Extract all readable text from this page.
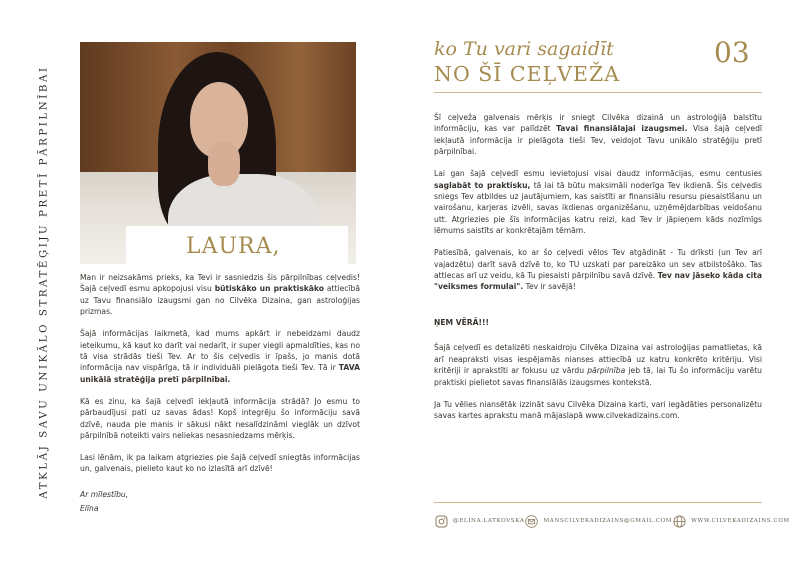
ATKLĀJ SAVU UNIKĀLO STRATĒĢIJU PRETĪ PĀRPILNĪBAI	LAURA,

Man ir neizsakāms prieks, ka Tevi ir sasniedzis šis pārpilnības ceļvedis! Šajā ceļvedī esmu apkopojusi visu būtiskāko un praktiskāko attiecībā uz Tavu finansiālo izaugsmi gan no Cilvēka Dizaina, gan astroloģijas prizmas.

Šajā informācijas laikmetā, kad mums apkārt ir nebeidzami daudz ieteikumu, kā kaut ko darīt vai nedarīt, ir super viegli apmaldīties, kas no tā visa strādās tieši Tev. Ar to šis ceļvedis ir īpašs, jo manis dotā informācija nav vispārīga, tā ir individuāli pielāgota tieši Tev. Tā ir TAVA unikālā stratēģija pretī pārpilnībai.

Kā es zinu, ka šajā ceļvedī iekļautā informācija strādā? Jo esmu to pārbaudījusi pati uz savas ādas! Kopš integrēju šo informāciju savā dzīvē, nauda pie manis ir sākusi nākt nesalīdzināmi vieglāk un dzīvot pārpilnībā noteikti vairs neliekas nesasniedzams mērķis.

Lasi lēnām, ik pa laikam atgriezies pie šajā ceļvedī sniegtās informācijas un, galvenais, pielieto kaut ko no izlasītā arī dzīvē!

Ar mīlestību,

Elīna

ko Tu vari sagaidīt
NO ŠĪ CEĻVEŽA
03

Šī ceļveža galvenais mērķis ir sniegt Cilvēka dizainā un astroloģijā balstītu informāciju, kas var palīdzēt Tavai finansiālajai izaugsmei. Visa šajā ceļvedī iekļautā informācija ir pielāgota tieši Tev, veidojot Tavu unikālo stratēģiju pretī pārpilnībai.

Lai gan šajā ceļvedī esmu ievietojusi visai daudz informācijas, esmu centusies saglabāt to praktisku, tā lai tā būtu maksimāli noderīga Tev ikdienā. Šis ceļvedis sniegs Tev atbildes uz jautājumiem, kas saistīti ar finansiālu resursu piesaistīšanu un vairošanu, karjeras izvēli, savas ikdienas organizēšanu, uzņēmējdarbības veidošanu utt. Atgriezies pie šīs informācijas katru reizi, kad Tev ir jāpieņem kāds nozīmīgs lēmums saistīts ar konkrētajām tēmām.

Patiesībā, galvenais, ko ar šo ceļvedi vēlos Tev atgādināt - Tu drīksti (un Tev arī vajadzētu) darīt savā dzīvē to, ko TU uzskati par pareizāko un sev atbilstošāko. Tas attiecas arī uz veidu, kā Tu piesaisti pārpilnību savā dzīvē. Tev nav jāseko kāda cita "veiksmes formulai". Tev ir savējā!

ŅEM VĒRĀ!!!

Šajā ceļvedī es detalizēti neskaidroju Cilvēka Dizaina vai astroloģijas pamatlietas, kā arī neapraksti visas iespējamās nianses attiecībā uz katru konkrēto kritēriju. Visi kritēriji ir aprakstīti ar fokusu uz vārdu pārpilnība jeb tā, lai Tu šo informāciju varētu praktiski pielietot savas finansiālās izaugsmes kontekstā.

Ja Tu vēlies niansētāk izzināt savu Cilvēka Dizaina karti, vari iegādāties personalizētu savas kartes aprakstu manā mājaslapā www.cilvekadizains.com.

@ELINA.LATKOVSKA	MANSCILVEKADIZAINS@GMAIL.COM	WWW.CILVEKADIZAINS.COM
